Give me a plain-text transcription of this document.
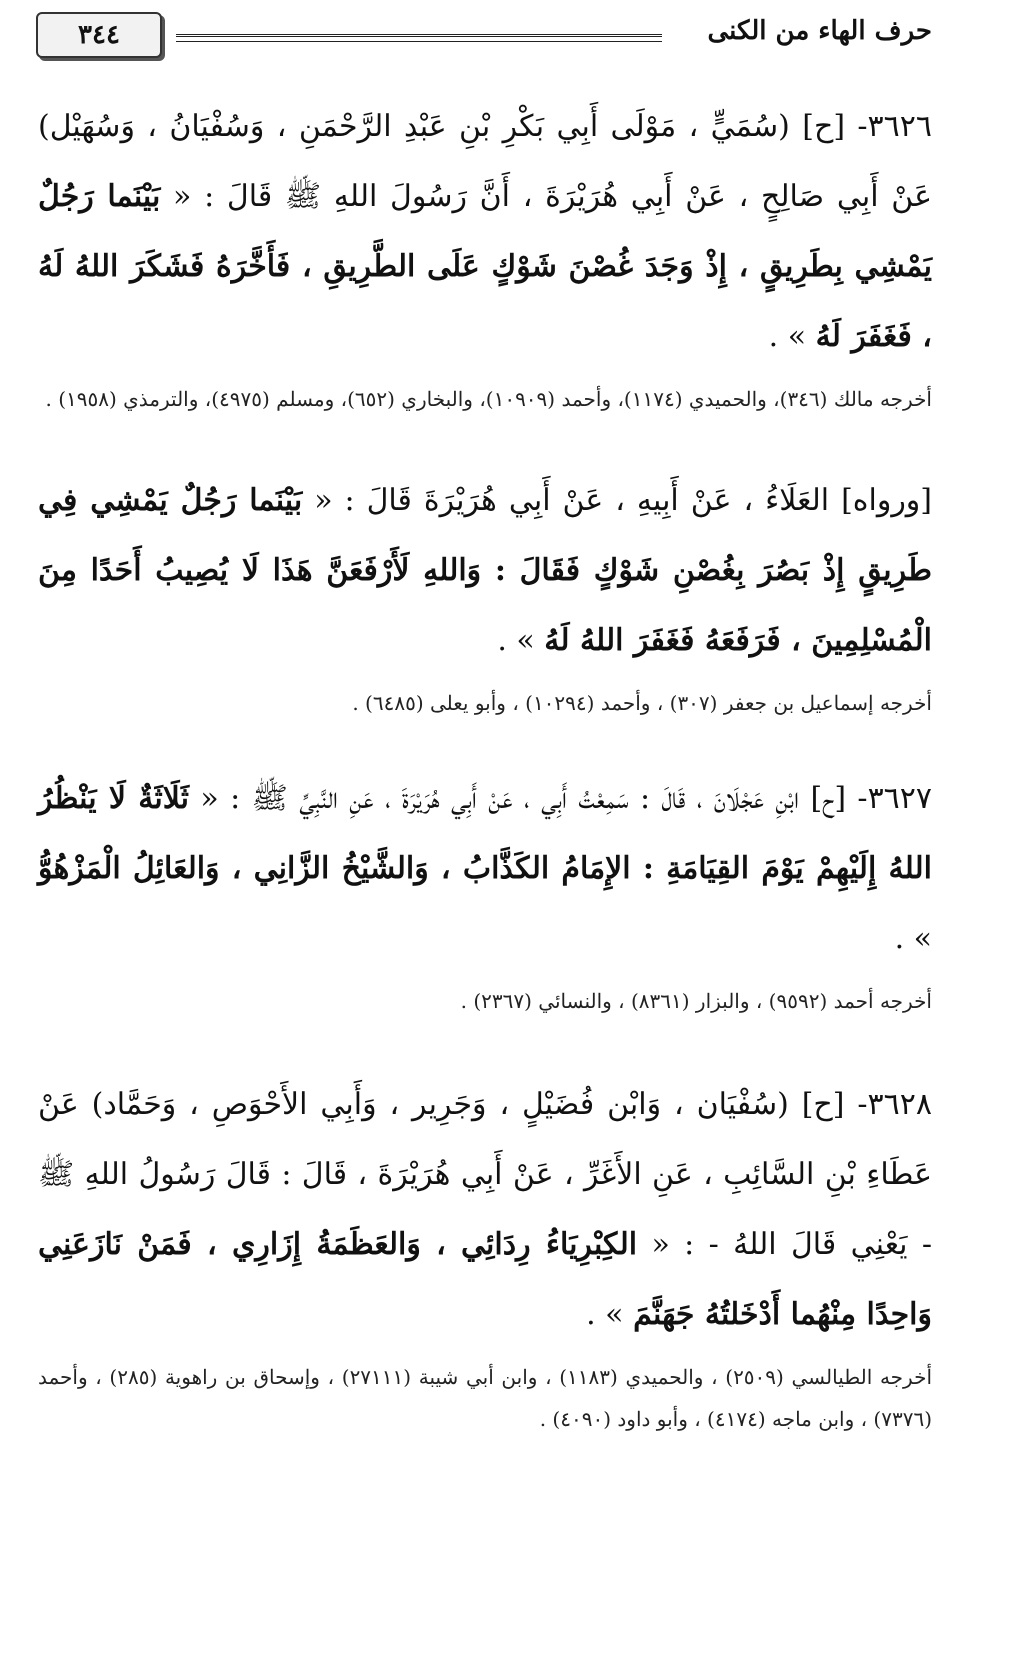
٣٤٤	حرف الهاء من الكنى

٣٦٢٦- [ح] (سُمَيٍّ ، مَوْلَى أَبِي بَكْرِ بْنِ عَبْدِ الرَّحْمَنِ ، وَسُفْيَانُ ، وَسُهَيْل) عَنْ أَبِي صَالِحٍ ، عَنْ أَبِي هُرَيْرَةَ ، أَنَّ رَسُولَ اللهِ ﷺ قَالَ : « بَيْنَما رَجُلٌ يَمْشِي بِطَرِيقٍ ، إِذْ وَجَدَ غُصْنَ شَوْكٍ عَلَى الطَّرِيقِ ، فَأَخَّرَهُ فَشَكَرَ اللهُ لَهُ ، فَغَفَرَ لَهُ » .

أخرجه مالك (٣٤٦)، والحميدي (١١٧٤)، وأحمد (١٠٩٠٩)، والبخاري (٦٥٢)، ومسلم (٤٩٧٥)، والترمذي (١٩٥٨) .

[ورواه] العَلَاءُ ، عَنْ أَبِيهِ ، عَنْ أَبِي هُرَيْرَةَ قَالَ : « بَيْنَما رَجُلٌ يَمْشِي فِي طَرِيقٍ إِذْ بَصُرَ بِغُصْنِ شَوْكٍ فَقَالَ : وَاللهِ لَأَرْفَعَنَّ هَذَا لَا يُصِيبُ أَحَدًا مِنَ الْمُسْلِمِينَ ، فَرَفَعَهُ فَغَفَرَ اللهُ لَهُ » .

أخرجه إسماعيل بن جعفر (٣٠٧) ، وأحمد (١٠٢٩٤) ، وأبو يعلى (٦٤٨٥) .

٣٦٢٧- [ح] ابْنِ عَجْلَانَ ، قَالَ : سَمِعْتُ أَبِي ، عَنْ أَبِي هُرَيْرَةَ ، عَنِ النَّبِيِّ ﷺ : « ثَلَاثَةٌ لَا يَنْظُرُ اللهُ إِلَيْهِمْ يَوْمَ القِيَامَةِ : الإِمَامُ الكَذَّابُ ، وَالشَّيْخُ الزَّانِي ، وَالعَائِلُ الْمَزْهُوُّ » .

أخرجه أحمد (٩٥٩٢) ، والبزار (٨٣٦١) ، والنسائي (٢٣٦٧) .

٣٦٢٨- [ح] (سُفْيَان ، وَابْن فُضَيْلٍ ، وَجَرِير ، وَأَبِي الأَحْوَصِ ، وَحَمَّاد) عَنْ عَطَاءِ بْنِ السَّائِبِ ، عَنِ الأَغَرِّ ، عَنْ أَبِي هُرَيْرَةَ ، قَالَ : قَالَ رَسُولُ اللهِ ﷺ - يَعْنِي قَالَ اللهُ - : « الكِبْرِيَاءُ رِدَائِي ، وَالعَظَمَةُ إِزَارِي ، فَمَنْ نَازَعَنِي وَاحِدًا مِنْهُما أَدْخَلتُهُ جَهَنَّمَ » .

أخرجه الطيالسي (٢٥٠٩) ، والحميدي (١١٨٣) ، وابن أبي شيبة (٢٧١١١) ، وإسحاق بن راهوية (٢٨٥) ، وأحمد (٧٣٧٦) ، وابن ماجه (٤١٧٤) ، وأبو داود (٤٠٩٠) .
